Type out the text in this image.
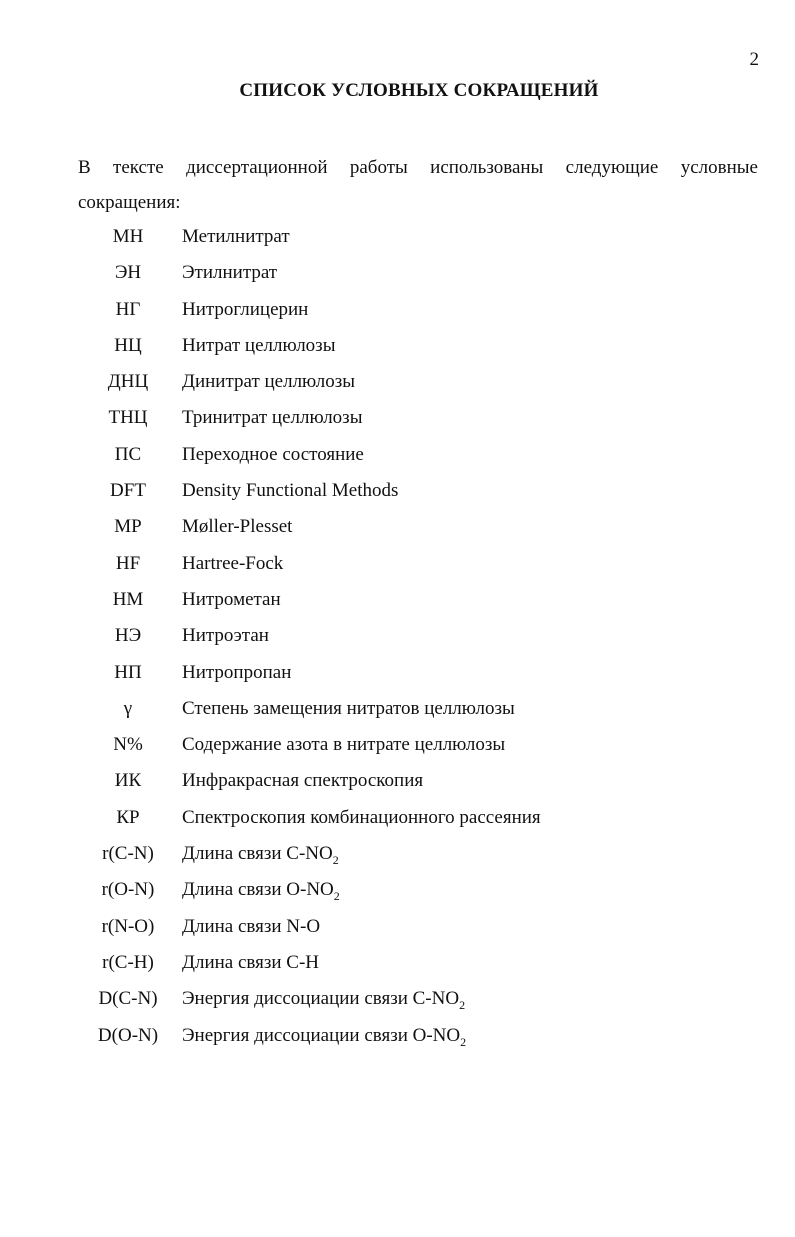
2
СПИСОК УСЛОВНЫХ СОКРАЩЕНИЙ
В тексте диссертационной работы использованы следующие условные сокращения:
МН	Метилнитрат
ЭН	Этилнитрат
НГ	Нитроглицерин
НЦ	Нитрат целлюлозы
ДНЦ	Динитрат целлюлозы
ТНЦ	Тринитрат целлюлозы
ПС	Переходное состояние
DFT	Density Functional Methods
MP	Møller-Plesset
HF	Hartree-Fock
НМ	Нитрометан
НЭ	Нитроэтан
НП	Нитропропан
γ	Степень замещения нитратов целлюлозы
N%	Содержание азота в нитрате целлюлозы
ИК	Инфракрасная спектроскопия
КР	Спектроскопия комбинационного рассеяния
r(C-N)	Длина связи $C-NO_2$
r(O-N)	Длина связи $O-NO_2$
r(N-O)	Длина связи N-O
r(C-H)	Длина связи C-H
D(C-N)	Энергия диссоциации связи $C-NO_2$
D(O-N)	Энергия диссоциации связи $O-NO_2$
